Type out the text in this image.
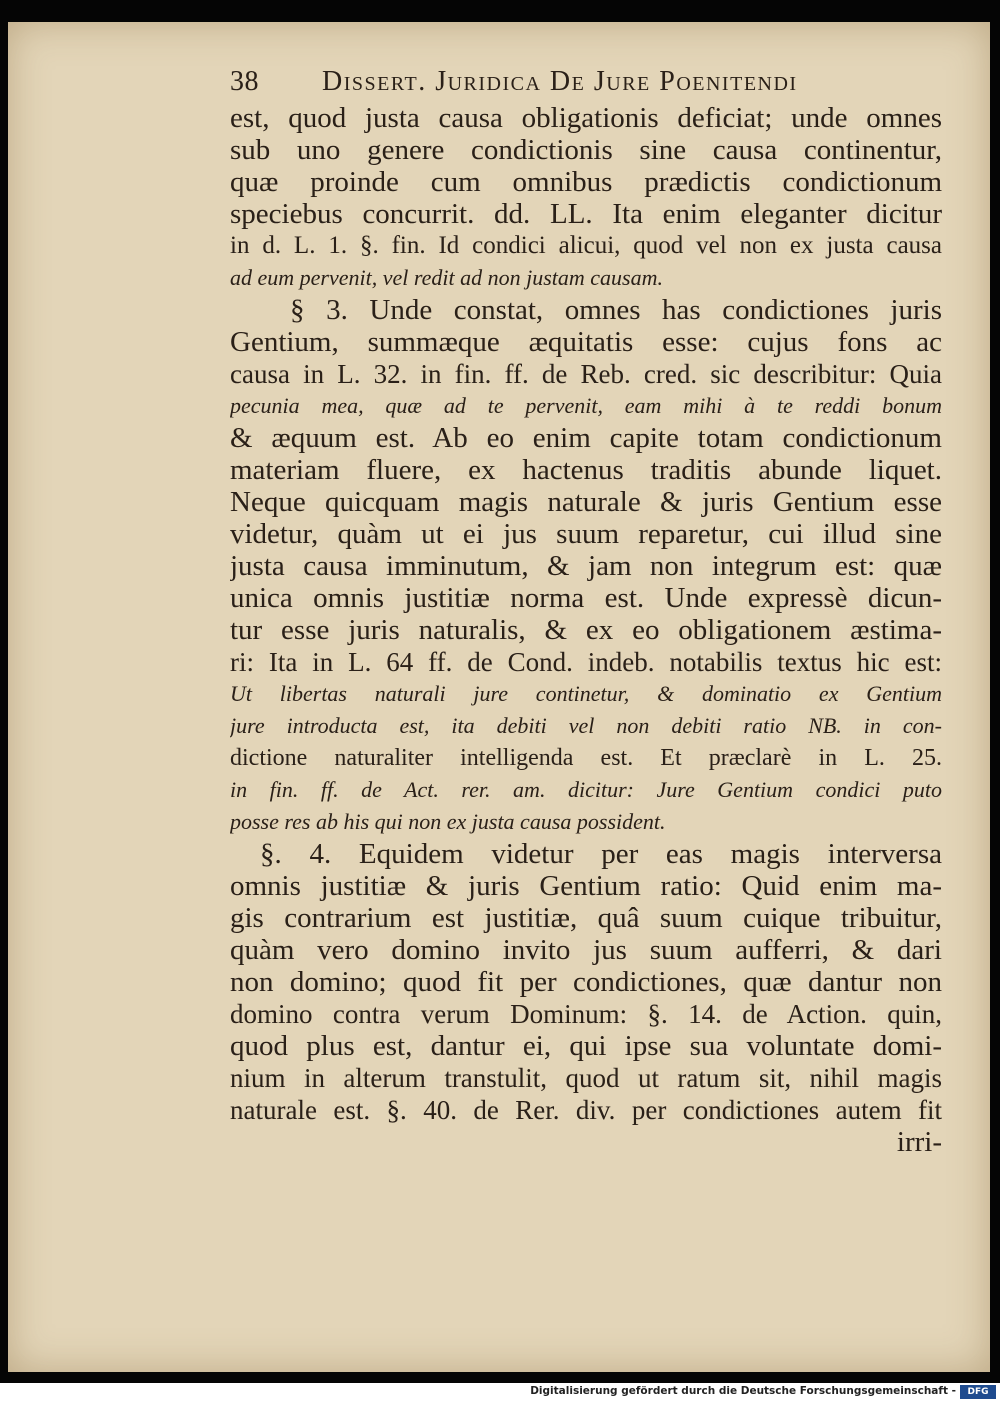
38 Dissert. Juridica De Jure Poenitendi
est, quod justa causa obligationis deficiat; unde omnes
sub uno genere condictionis sine causa continentur,
quæ proinde cum omnibus prædictis condictionum
speciebus concurrit. dd. LL. Ita enim eleganter dicitur
in d. L. 1. §. fin. Id condici alicui, quod vel non ex justa causa
ad eum pervenit, vel redit ad non justam causam.
§ 3. Unde constat, omnes has condictiones juris
Gentium, summæque æquitatis esse: cujus fons ac
causa in L. 32. in fin. ff. de Reb. cred. sic describitur: Quia
pecunia mea, quæ ad te pervenit, eam mihi à te reddi bonum
& æquum est. Ab eo enim capite totam condictionum
materiam fluere, ex hactenus traditis abunde liquet.
Neque quicquam magis naturale & juris Gentium esse
videtur, quàm ut ei jus suum reparetur, cui illud sine
justa causa imminutum, & jam non integrum est: quæ
unica omnis justitiæ norma est. Unde expressè dicun-
tur esse juris naturalis, & ex eo obligationem æstima-
ri: Ita in L. 64 ff. de Cond. indeb. notabilis textus hic est:
Ut libertas naturali jure continetur, & dominatio ex Gentium
jure introducta est, ita debiti vel non debiti ratio NB. in con-
dictione naturaliter intelligenda est. Et præclarè in L. 25.
in fin. ff. de Act. rer. am. dicitur: Jure Gentium condici puto
posse res ab his qui non ex justa causa possident.
§. 4. Equidem videtur per eas magis interversa
omnis justitiæ & juris Gentium ratio: Quid enim ma-
gis contrarium est justitiæ, quâ suum cuique tribuitur,
quàm vero domino invito jus suum aufferri, & dari
non domino; quod fit per condictiones, quæ dantur non
domino contra verum Dominum: §. 14. de Action. quin,
quod plus est, dantur ei, qui ipse sua voluntate domi-
nium in alterum transtulit, quod ut ratum sit, nihil magis
naturale est. §. 40. de Rer. div. per condictiones autem fit
irri-
Digitalisierung gefördert durch die Deutsche Forschungsgemeinschaft -	DFG
